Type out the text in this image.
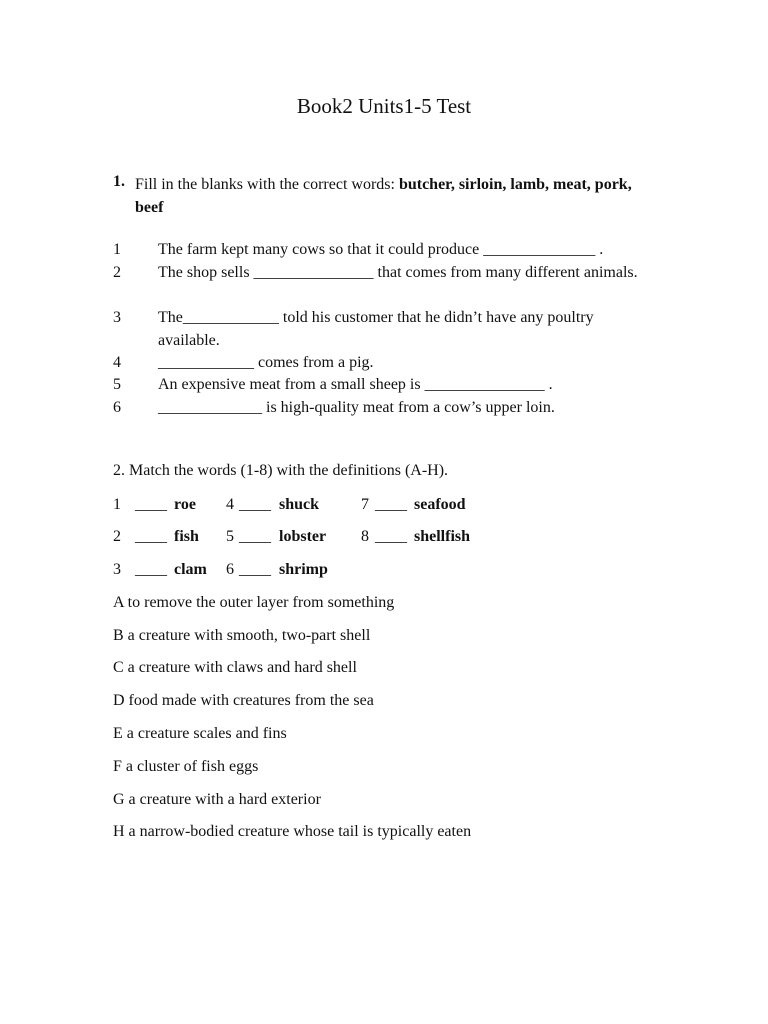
Book2 Units1-5 Test
1. Fill in the blanks with the correct words: butcher, sirloin, lamb, meat, pork, beef
1 The farm kept many cows so that it could produce ______________ .
2 The shop sells _______________ that comes from many different animals.
3 The____________ told his customer that he didn’t have any poultry available.
4 ____________ comes from a pig.
5 An expensive meat from a small sheep is _______________ .
6 _____________ is high-quality meat from a cow’s upper loin.
2. Match the words (1-8) with the definitions (A-H).
1 ____ roe 4 ____ shuck	7 ____ seafood
2 ____ fish 5 ____ lobster 8 ____ shellfish
3 ____ clam 6 ____ shrimp
A to remove the outer layer from something
B a creature with smooth, two-part shell
C a creature with claws and hard shell
D food made with creatures from the sea
E a creature scales and fins
F a cluster of fish eggs
G a creature with a hard exterior
H a narrow-bodied creature whose tail is typically eaten
